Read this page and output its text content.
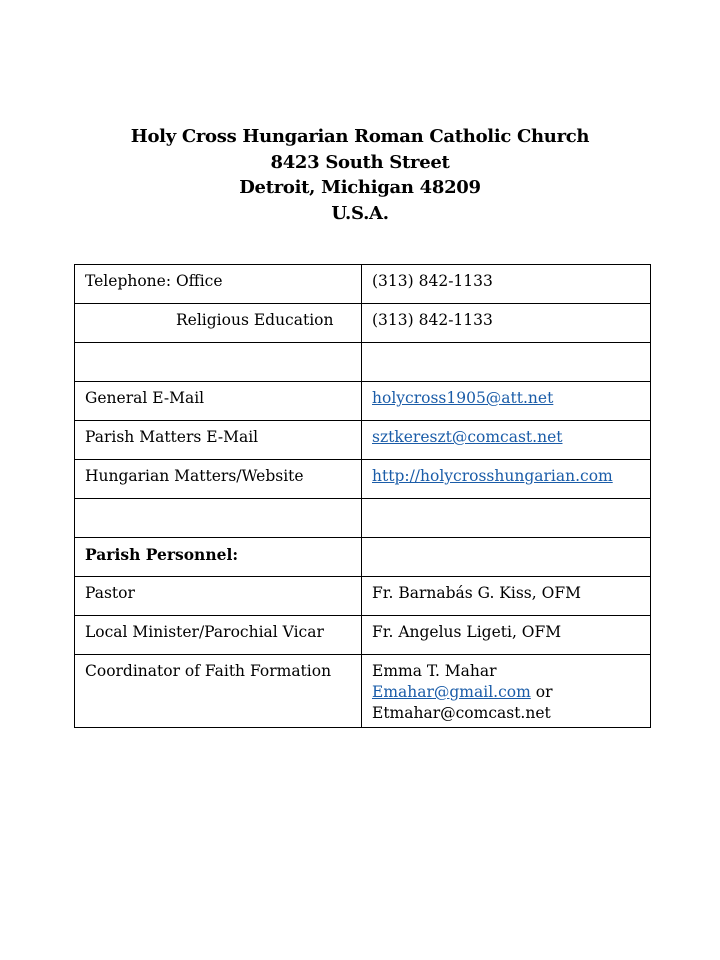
Holy Cross Hungarian Roman Catholic Church
8423 South Street
Detroit, Michigan 48209
U.S.A.
Telephone: Office	(313) 842-1133
Religious Education	(313) 842-1133

General E-Mail	holycross1905@att.net
Parish Matters E-Mail	sztkereszt@comcast.net
Hungarian Matters/Website	http://holycrosshungarian.com

Parish Personnel:	
Pastor	Fr. Barnabás G. Kiss, OFM
Local Minister/Parochial Vicar	Fr. Angelus Ligeti, OFM
Coordinator of Faith Formation	Emma T. Mahar
Emahar@gmail.com or
Etmahar@comcast.net
